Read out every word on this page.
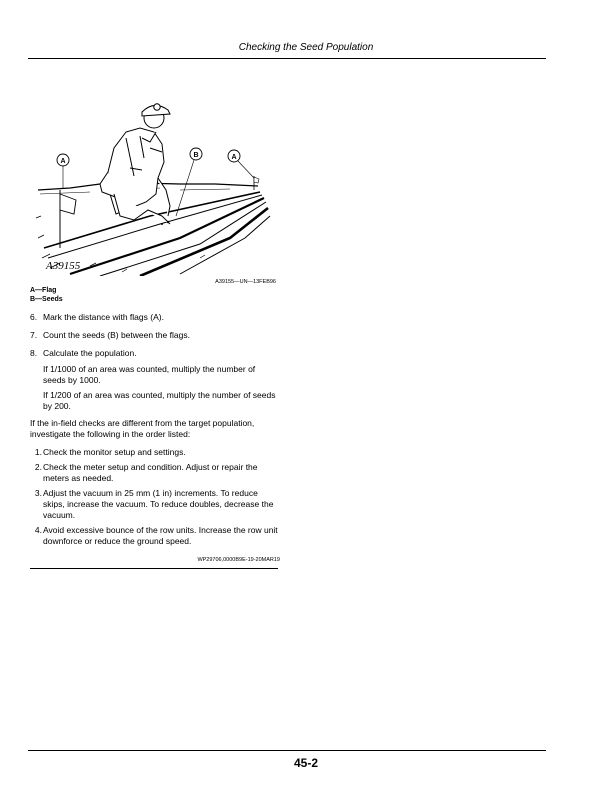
Checking the Seed Population
A
B	A
A39155
A39155—UN—13FEB96
A—Flag
B—Seeds
6. Mark the distance with flags (A).
7. Count the seeds (B) between the flags.
8. Calculate the population.
If 1/1000 of an area was counted, multiply the number of seeds by 1000.
If 1/200 of an area was counted, multiply the number of seeds by 200.
If the in-field checks are different from the target population, investigate the following in the order listed:
1. Check the monitor setup and settings.
2. Check the meter setup and condition. Adjust or repair the meters as needed.
3. Adjust the vacuum in 25 mm (1 in) increments. To reduce skips, increase the vacuum. To reduce doubles, decrease the vacuum.
4. Avoid excessive bounce of the row units. Increase the row unit downforce or reduce the ground speed.
WP29706,0000B9E-19-20MAR19
45-2
